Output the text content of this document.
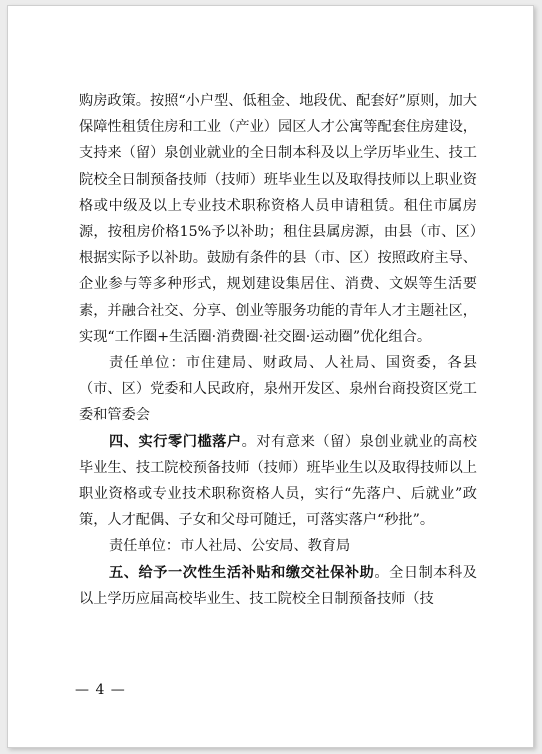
购房政策。按照“小户型、低租金、地段优、配套好”原则，加大保障性租赁住房和工业（产业）园区人才公寓等配套住房建设，支持来（留）泉创业就业的全日制本科及以上学历毕业生、技工院校全日制预备技师（技师）班毕业生以及取得技师以上职业资格或中级及以上专业技术职称资格人员申请租赁。租住市属房源，按租房价格15%予以补助；租住县属房源，由县（市、区）根据实际予以补助。鼓励有条件的县（市、区）按照政府主导、企业参与等多种形式，规划建设集居住、消费、文娱等生活要素，并融合社交、分享、创业等服务功能的青年人才主题社区，实现“工作圈+生活圈·消费圈·社交圈·运动圈”优化组合。

责任单位：市住建局、财政局、人社局、国资委，各县（市、区）党委和人民政府，泉州开发区、泉州台商投资区党工委和管委会

四、实行零门槛落户。对有意来（留）泉创业就业的高校毕业生、技工院校预备技师（技师）班毕业生以及取得技师以上职业资格或专业技术职称资格人员，实行“先落户、后就业”政策，人才配偶、子女和父母可随迁，可落实落户“秒批”。

责任单位：市人社局、公安局、教育局

五、给予一次性生活补贴和缴交社保补助。全日制本科及以上学历应届高校毕业生、技工院校全日制预备技师（技

— 4 —
